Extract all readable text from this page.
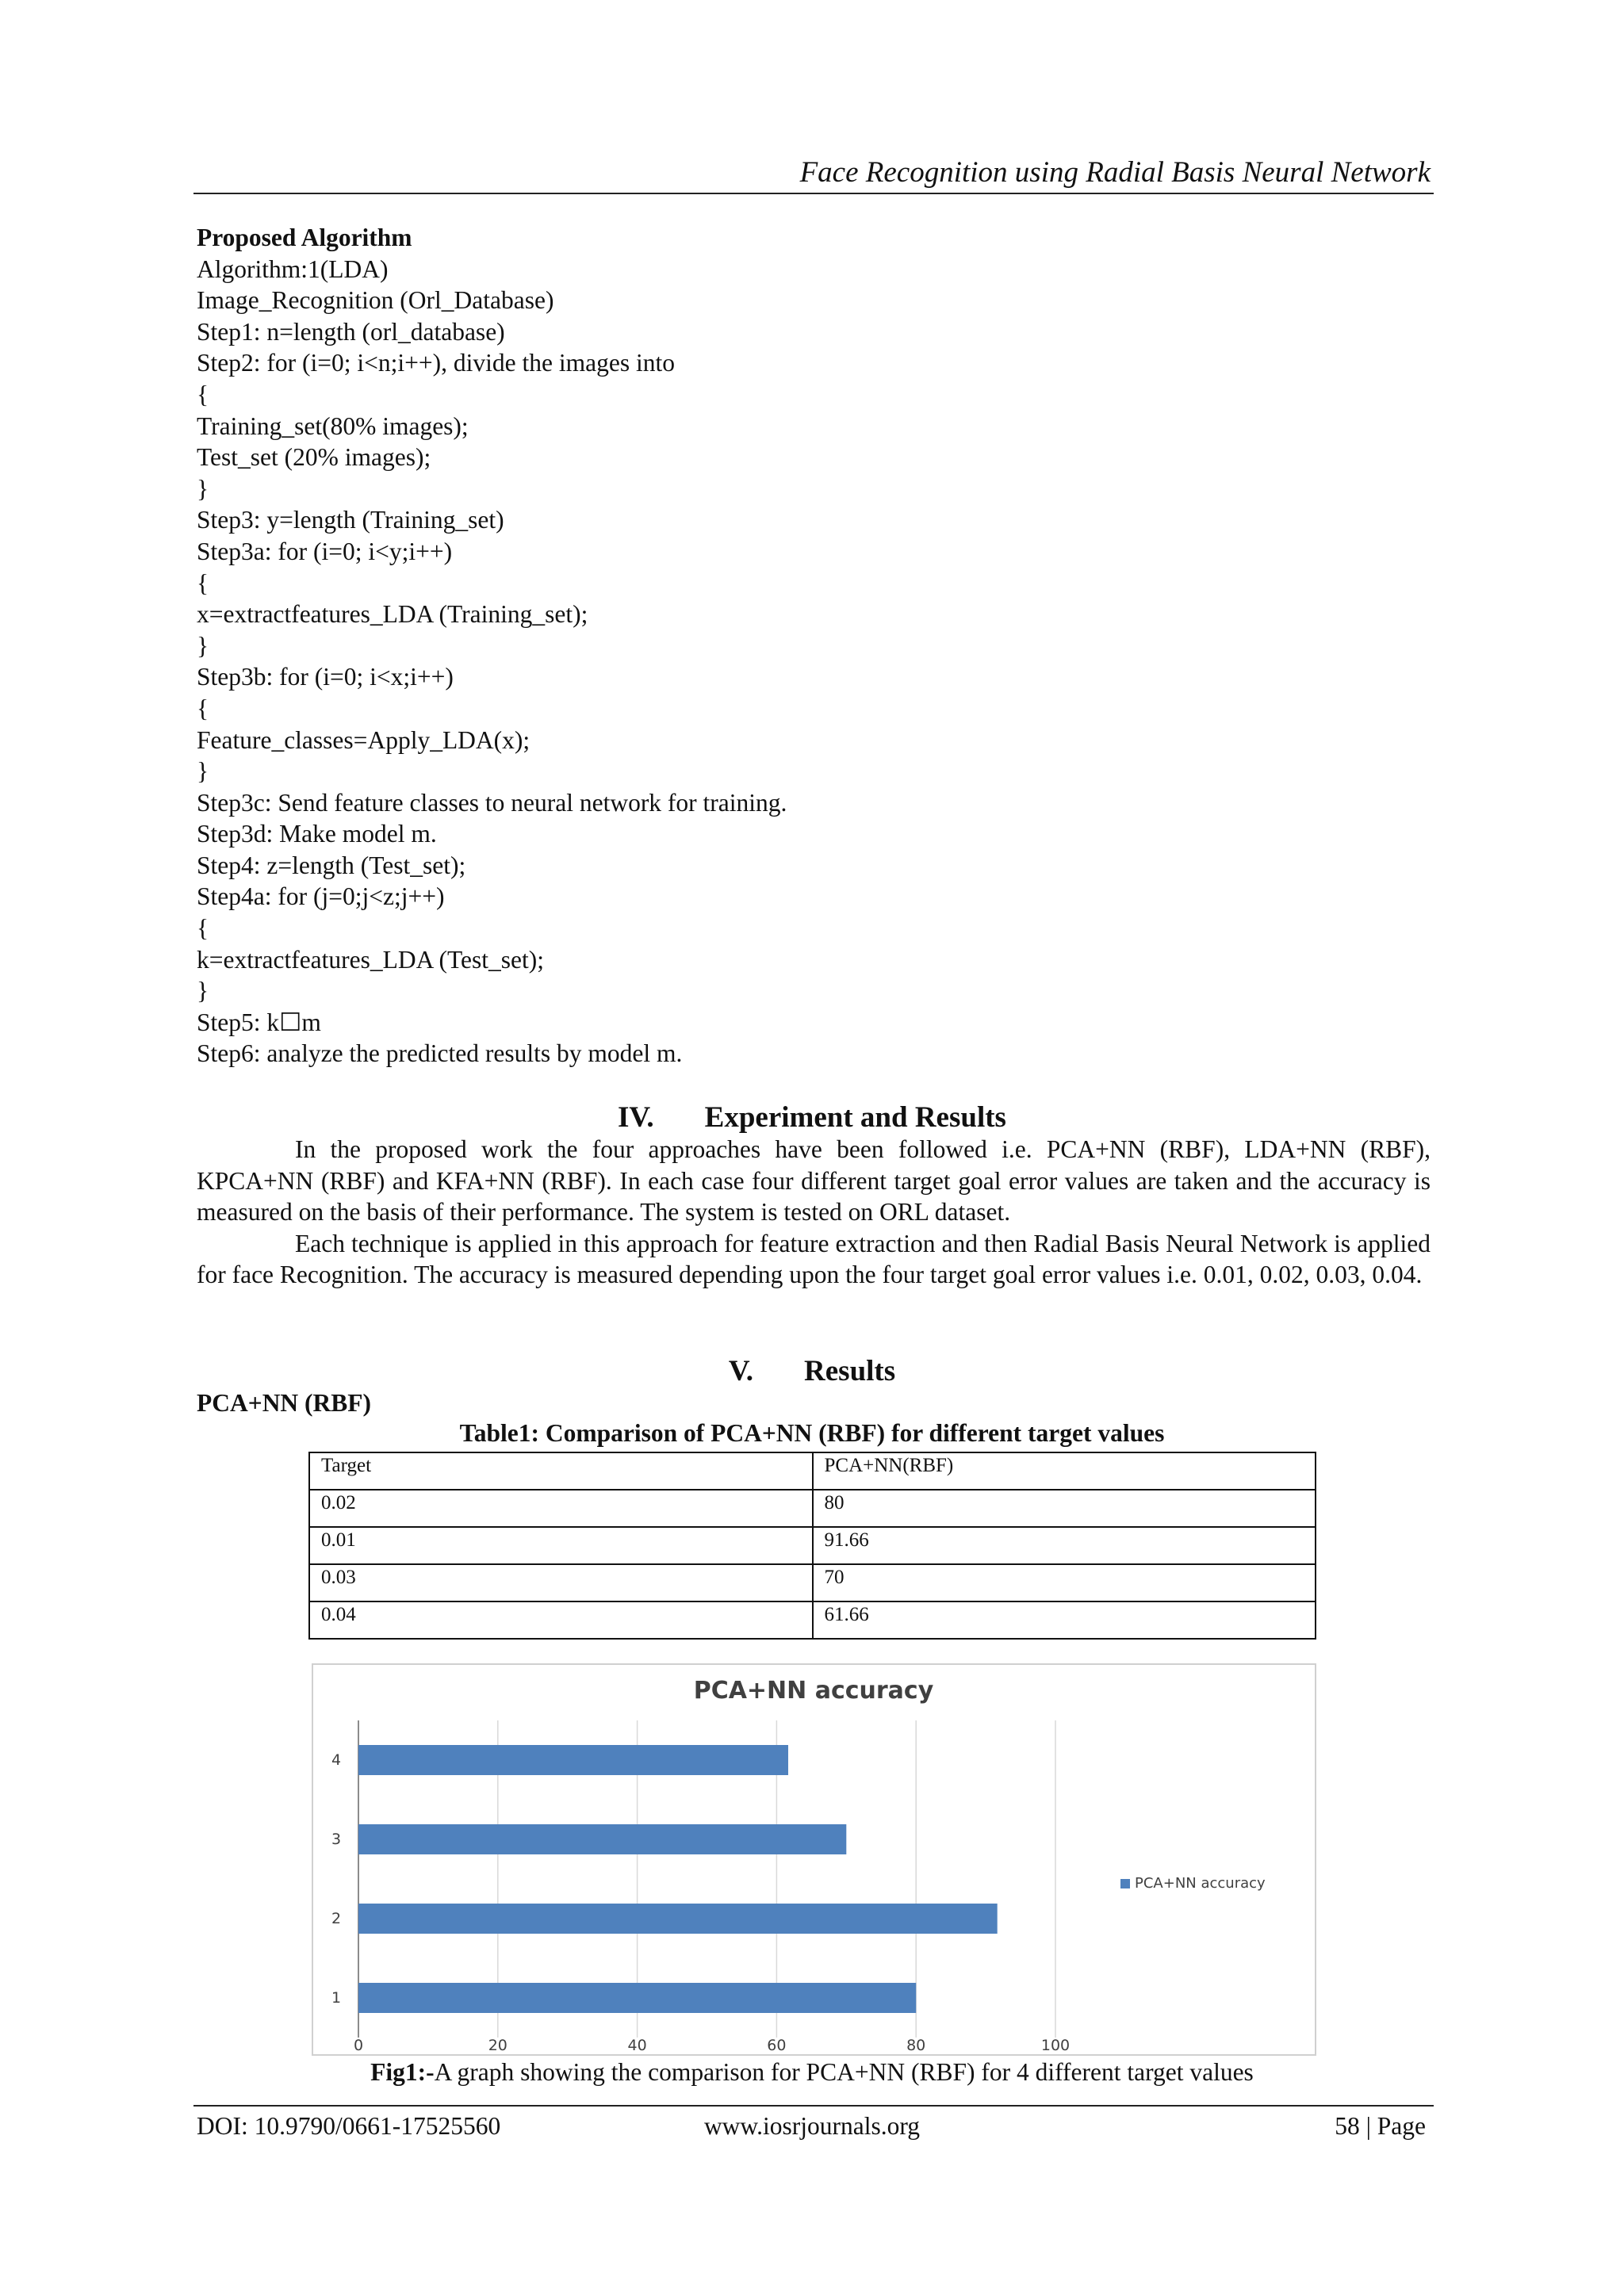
Face Recognition using Radial Basis Neural Network
Proposed Algorithm
Algorithm:1(LDA)
Image_Recognition (Orl_Database)
Step1: n=length (orl_database)
Step2: for (i=0; i<n;i++), divide the images into
{
Training_set(80% images);
Test_set (20% images);
}
Step3: y=length (Training_set)
Step3a: for (i=0; i<y;i++)
{
x=extractfeatures_LDA (Training_set);
}
Step3b: for (i=0; i<x;i++)
{
Feature_classes=Apply_LDA(x);
}
Step3c: Send feature classes to neural network for training.
Step3d: Make model m.
Step4: z=length (Test_set);
Step4a: for (j=0;j<z;j++)
{
k=extractfeatures_LDA (Test_set);
}
Step5: k☐m
Step6: analyze the predicted results by model m.
IV. Experiment and Results

In the proposed work the four approaches have been followed i.e. PCA+NN (RBF), LDA+NN (RBF), KPCA+NN (RBF) and KFA+NN (RBF). In each case four different target goal error values are taken and the accuracy is measured on the basis of their performance. The system is tested on ORL dataset.

Each technique is applied in this approach for feature extraction and then Radial Basis Neural Network is applied for face Recognition. The accuracy is measured depending upon the four target goal error values i.e. 0.01, 0.02, 0.03, 0.04.

V. Results
PCA+NN (RBF)
Table1: Comparison of PCA+NN (RBF) for different target values
Target	PCA+NN(RBF)
0.02	80
0.01	91.66
0.03	70
0.04	61.66
PCA+NN accuracy
0	20	40	60	80	100
1
2
3
4
PCA+NN accuracy
Fig1:-A graph showing the comparison for PCA+NN (RBF) for 4 different target values
DOI: 10.9790/0661-17525560	www.iosrjournals.org	58 | Page
